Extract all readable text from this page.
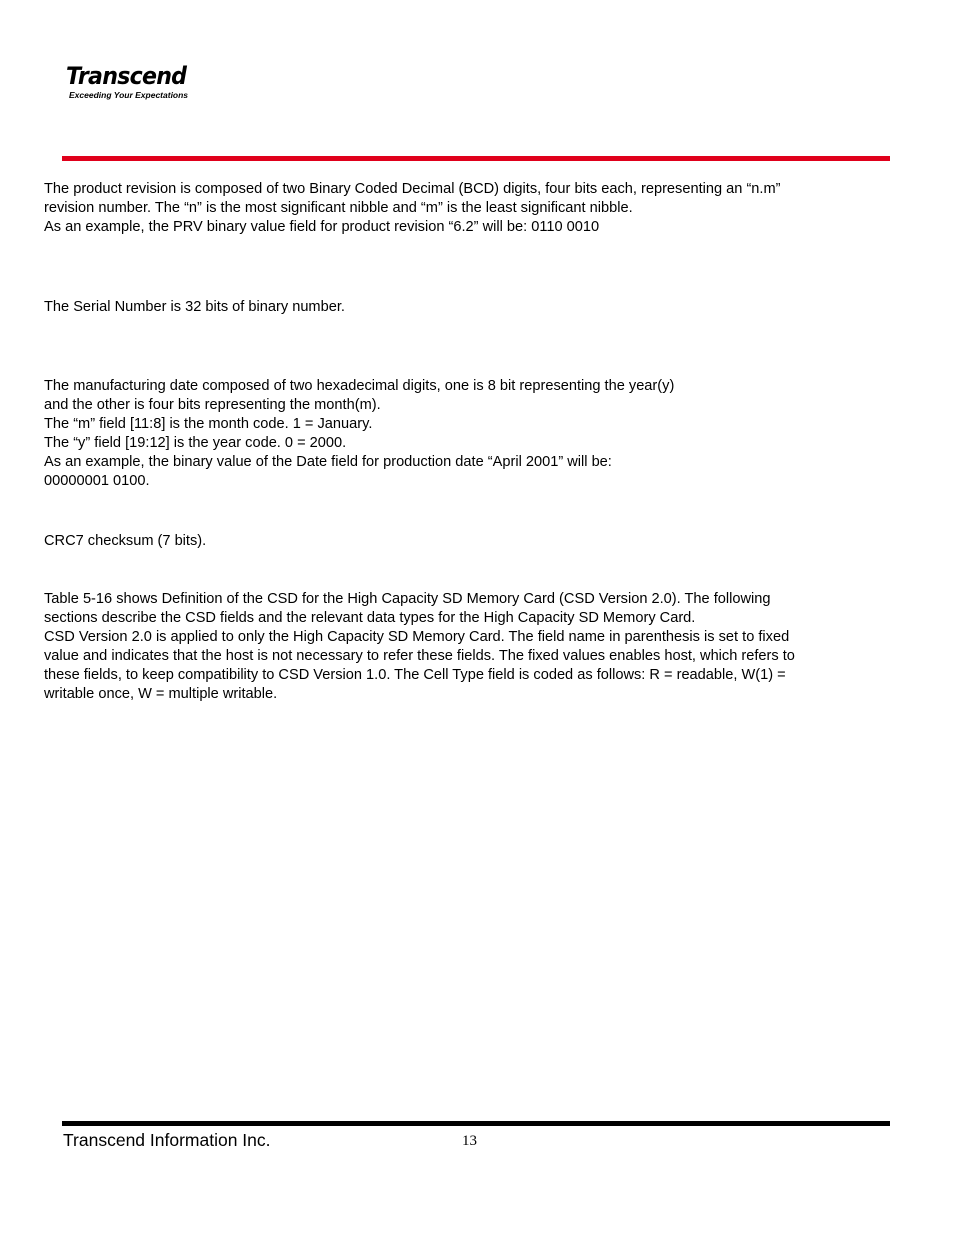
Transcend
Exceeding Your Expectations

The product revision is composed of two Binary Coded Decimal (BCD) digits, four bits each, representing an “n.m”
revision number. The “n” is the most significant nibble and “m” is the least significant nibble.
As an example, the PRV binary value field for product revision “6.2” will be: 0110 0010

The Serial Number is 32 bits of binary number.

The manufacturing date composed of two hexadecimal digits, one is 8 bit representing the year(y)
and the other is four bits representing the month(m).
The “m” field [11:8] is the month code. 1 = January.
The “y” field [19:12] is the year code. 0 = 2000.
As an example, the binary value of the Date field for production date “April 2001” will be:
00000001 0100.

CRC7 checksum (7 bits).

Table 5-16 shows Definition of the CSD for the High Capacity SD Memory Card (CSD Version 2.0). The following
sections describe the CSD fields and the relevant data types for the High Capacity SD Memory Card.
CSD Version 2.0 is applied to only the High Capacity SD Memory Card. The field name in parenthesis is set to fixed
value and indicates that the host is not necessary to refer these fields. The fixed values enables host, which refers to
these fields, to keep compatibility to CSD Version 1.0. The Cell Type field is coded as follows: R = readable, W(1) =
writable once, W = multiple writable.

Transcend Information Inc.	13
